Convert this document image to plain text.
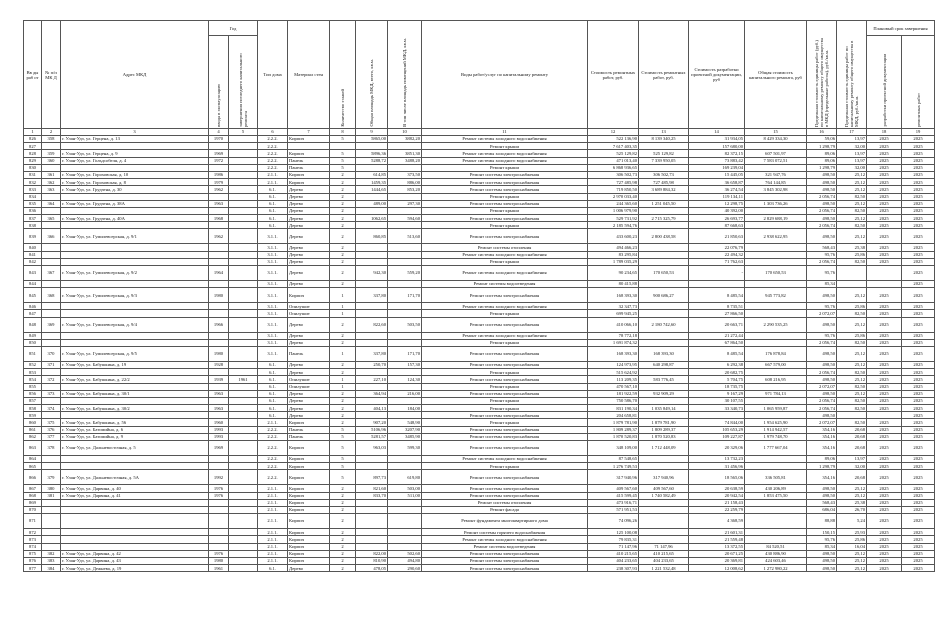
Вв ды раб от	№ п/п МК Д	Адрес МКД	Год		Тип дома	Материал стен	Количество этажей	Общая площадь МКД, всего, кв.м.	В том числе площадь помещений МКД, кв.м.	Виды работ/услуг по капитальному ремонту	Стоимость ремонтных работ, руб.	Стоимость ремонтных работ, руб.	Стоимость разработки проектной документации, руб	Общая стоимость капитального ремонта, руб	Предельная стоимость единицы работ (руб.) по капитальному ремонту общего имущества в МКД (предельные работы), руб./кв.м.	Предельная стоимость единицы работ по капитальному ремонту общего имущества в МКД, руб./кв.м.	Плановый срок завершения	
			ввода в эксплуатацию	завершения последнего капитального ремонта													разработки проектной документации	ремонтных работ
1	2	3	4	5	6	7	8	9	10	11	12	13	14	15	16	17	18	19
826	358	г. Улан-Удэ, ул. Герцена, д. 13	1970		2.2.2.	Кирпич	5	5865,00	3882,20	Ремонт системы холодного водоснабжения	522 136,90	8 139 340,25	31 934,05	8 429 334,30	59,06	13,97	2025	2025
827					2.2.2.					Ремонт крыши	7 617 403,35		157 680,00		1 298,79	32,00	2025	2025
828	359	г. Улан-Удэ, ул. Герцена, д. 9	1969		2.2.2.	Кирпич	5	5896,36	3851,30	Ремонт системы холодного водоснабжения	525 129,82	525 129,82	82 372,15	607 501,97	89,06	13,97	2025	2025
829	360	г. Улан-Удэ, ул. Гольдсобеля, д. 4	1972		2.2.2.	Панель	5	5288,72	3488,20	Ремонт системы холодного водоснабжения	471 013,40	7 339 950,05	73 883,42	7 583 072,51	89,06	13,97	2025	2025
830					2.2.2.	Панель	5			Ремонт крыши	6 868 936,65		169 239,04		1 298,79	32,00	2025	2025
831	361	г. Улан-Удэ, ул. Гороховская, д. 10	1986		2.1.1.	Кирпич	2	614,85	373,50	Ремонт системы электроснабжения	306 502,73	306 502,73	15 445,05	321 947,76	498,50	25,12	2025	2025
832	362	г. Улан-Удэ, ул. Гороховская, д. 8	1979		2.1.1.	Кирпич	2	1459,35	886,00	Ремонт системы электроснабжения	727 485,98	727 485,98	36 658,87	764 144,85	498,50	25,12	2025	2025
833	363	г. Улан-Удэ, ул. Грудзена, д. 30	1962		6.1.	Дерево	2	1444,65	853,20	Ремонт системы электроснабжения	719 850,50	3 689 884,32	36 274,54	3 845 302,98	498,50	25,12	2025	2025
834					6.1.	Дерево	2			Ремонт крыши	2 970 033,40		119 134,11		2 056,74	82,50	2025	2025
835	364	г. Улан-Удэ, ул. Грудзена, д. 38А	1963		6.1.	Дерево	2	489,00	297,30	Ремонт системы электроснабжения	244 365,60	1 251 045,50	12 298,75	1 303 736,26	498,50	25,12	2025	2025
836					6.1.	Дерево	2			Ремонт крыши	1 006 979,90		40 392,00		2 056,74	82,50	2025	2025
837	365	г. Улан-Удэ, ул. Грудзена, д. 40А	1968		6.1.	Дерево	2	1062,65	594,60	Ремонт системы электроснабжения	529 731,92	2 715 325,79	26 693,77	2 829 688,19	498,50	25,12	2025	2025
838					6.1.	Дерево	2			Ремонт крыши	2 185 594,76		87 668,63		2 056,74	82,50	2025	2025
839	366	г. Улан-Удэ, ул. Гумилевсерская, д. 9/1	1962		3.1.1.	Дерево	2	860,85	513,60	Ремонт системы электроснабжения	433 600,23	2 800 438,58	21 850,63	2 938 622,95	498,50	25,12	2025	2025
840					3.1.1.	Дерево	2			Ремонт системы отопления	494 466,23		22 076,79		568,43	25,38	2025	2025
841					3.1.1.	Дерево	2			Ремонт системы холодного водоснабжения	83 295,84		22 494,32		95,76	25,86	2025	2025
842					3.1.1.	Дерево	2			Ремонт крыши	1 789 035,29		71 762,63		2 056,74	82,50	2025	2025
843	367	г. Улан-Удэ, ул. Гумилевсерская, д. 9/2	1964		3.1.1.	Дерево	2	942,30	559,20	Ремонт системы холодного водоснабжения	90 234,65	170 650,53	-	170 650,53	95,76			2025
844					3.1.1.	Дерево	2			Ремонт системы водоотведения	80 415,88				85,34			2025
845	368	г. Улан-Удэ, ул. Гумилевсерская, д. 9/3	1980		3.1.1.	Кирпич	1	337,80	171,70	Ремонт системы электроснабжения	168 393,30	900 686,27	8 485,54	945 773,82	498,50	25,12	2025	2025
846					3.1.1.	Опилушит	1			Ремонт системы холодного водоснабжения	32 347,73		8 735,51		95,76	25,86	2025	2025
847					3.1.1.	Опилушит	1			Ремонт крыши	699 945,25		27 866,50		2 072,07	82,50	2025	2025
848	369	г. Улан-Удэ, ул. Гумилевсерская, д. 9/4	1966		3.1.1.	Дерево	2	822,60	503,50	Ремонт системы электроснабжения	410 066,10	2 180 742,60	20 663,71	2 290 535,25	498,50	25,12	2025	2025
849					3.1.1.	Дерево	2			Ремонт системы холодного водоснабжения	78 772,18		21 272,44		95,76	25,86	2025	2025
850					3.1.1.	Дерево	2			Ремонт крыши	1 691 874,32		67 864,50		2 056,74	82,50	2025	2025
851	370	г. Улан-Удэ, ул. Гумилевсерская, д. 9/5	1980		3.1.1.	Панель	1	337,80	171,70	Ремонт системы электроснабжения	168 393,30	168 393,30	8 485,54	176 878,84	498,50	25,12	2025	2025
852	371	г. Улан-Удэ, ул. Бабушкина, д. 19	1928		6.1.	Дерево	2	250,70	157,30	Ремонт системы электроснабжения	124 973,95	640 298,87	6 292,38	667 579,00	498,50	25,12	2025	2025
853					6.1.	Дерево	2			Ремонт крыши	515 624,92		20 682,75		2 056,74	82,50	2025	2025
854	372	г. Улан-Удэ, ул. Бабушкина, д. 22/2	1939	1961	6.1.	Опилушит	1	227,10	124,30	Ремонт системы электроснабжения	113 209,35	583 776,45	5 704,75	608 216,95	498,50	25,12	2025	2025
855					6.1.	Опилушит	1			Ремонт крыши	470 567,10		18 735,75		2 072,07	82,50	2025	2025
856	373	г. Улан-Удэ, ул. Бабушкина, д. 30/1	1963		6.1.	Дерево	2	364,94	216,00	Ремонт системы электроснабжения	181 922,59	932 909,29	9 167,29	971 784,13	498,50	25,12	2025	2025
857					6.1.	Дерево	2			Ремонт крыши	750 586,70		30 107,55		2 056,74	82,50	2025	2025
858	374	г. Улан-Удэ, ул. Бабушкина, д. 30/2	1963		6.1.	Дерево	2	404,13	184,00	Ремонт крыши	831 190,34	1 035 849,14	33 340,73	1 065 959,87	2 056,74	82,50	2025	2025
859					6.1.	Дерево	2			Ремонт системы электроснабжения	204 658,81				498,50			2025
860	375	г. Улан-Удэ, ул. Бабушкина, д. 56	1960		2.1.1.	Кирпич	2	907,20	548,90	Ремонт крыши	1 879 781,90	1 879 781,90	74 844,00	1 954 625,90	2 072,07	82,50	2025	2025
861	376	г. Улан-Удэ, ул. Батомийна, д. 6	1993		2.2.2.	Панель	5	5106,96	3207,90	Ремонт системы электроснабжения	1 809 289,37	1 809 289,37	105 653,29	1 914 942,57	354,16	20,68	2025	2025
862	377	г. Улан-Удэ, ул. Батомийна, д. 9	1993		2.2.2.	Панель	5	5281,57	3485,90	Ремонт системы электроснабжения	1 870 520,83	1 870 520,83	109 227,87	1 979 748,70	354,16	20,68	2025	2025
863	378	г. Улан-Удэ, ул. Дальневосточная, д. 5	1969		2.2.2.	Кирпич	5	963,03	599,30	Ремонт системы электроснабжения	348 109,00	1 712 448,09	20 329,06	1 777 667,04	354,16	20,68	2025	2025
864					2.2.2.	Кирпич	5			Ремонт системы холодного водоснабжения	87 548,65		13 732,23		89,06	13,97	2025	2025
865					2.2.2.	Кирпич	5			Ремонт крыши	1 276 749,53		31 456,96		1 298,79	32,00	2025	2025
866	379	г. Улан-Удэ, ул. Дальневосточная, д. 5А	1992		2.2.2.	Кирпич	5	897,73	619,80	Ремонт системы электроснабжения	317 940,96	317 940,96	18 565,06	336 505,81	354,16	20,68	2025	2025
867	380	г. Улан-Удэ, ул. Дарвина, д. 40	1976		2.1.1.	Кирпич	2	821,60	503,00	Ремонт системы электроснабжения	409 567,60	409 567,60	20 638,59	430 206,89	498,50	25,12	2025	2025
868	381	г. Улан-Удэ, ул. Дарвина, д. 41	1976		2.1.1.	Кирпич	2	833,70	511,00	Ремонт системы электроснабжения	415 599,45	1 740 582,49	20 942,54	1 853 475,50	498,50	25,12	2025	2025
869					2.1.1.	Кирпич	2			Ремонт системы отопления	473 916,71		21 158,43		568,43	25,38	2025	2025
870					2.1.1.	Кирпич	2			Ремонт фасада	571 951,53		22 259,79		686,04	26,70	2025	2025
871					2.1.1.	Кирпич	2			Ремонт фундамента многоквартирного дома	74 096,26		4 368,59		88,88	5,24	2025	2025
872					2.1.1.	Кирпич	2			Ремонт системы горячего водоснабжения	125 100,08		21 601,31		150,15	25,93	2025	2025
873					2.1.1.	Кирпич	2			Ремонт системы холодного водоснабжения	79 835,31		21 559,48		95,76	25,86	2025	2025
874					2.1.1.	Кирпич	2			Ремонт системы водоотведения	71 147,96	71 147,96	13 372,55	84 520,51	85,34	16,04	2025	2025
875	382	г. Улан-Удэ, ул. Дарвина, д. 42	1976		2.1.1.	Кирпич	2	822,00	502,60	Ремонт системы электроснабжения	410 215,65	410 215,65	20 671,25	430 886,90	498,50	25,12	2025	2025
876	383	г. Улан-Удэ, ул. Дарвина, д. 43	1980		2.1.1.	Кирпич	2	810,90	494,80	Ремонт системы электроснабжения	404 233,65	404 233,65	20 369,81	424 603,46	498,50	25,12	2025	2025
877	384	г. Улан-Удэ, ул. Дежнева, д. 19	1961		6.1.	Дерево	2	478,05	290,60	Ремонт системы электроснабжения	238 307,93	1 221 532,48	12 008,62	1 272 980,22	498,50	25,12	2025	2025
